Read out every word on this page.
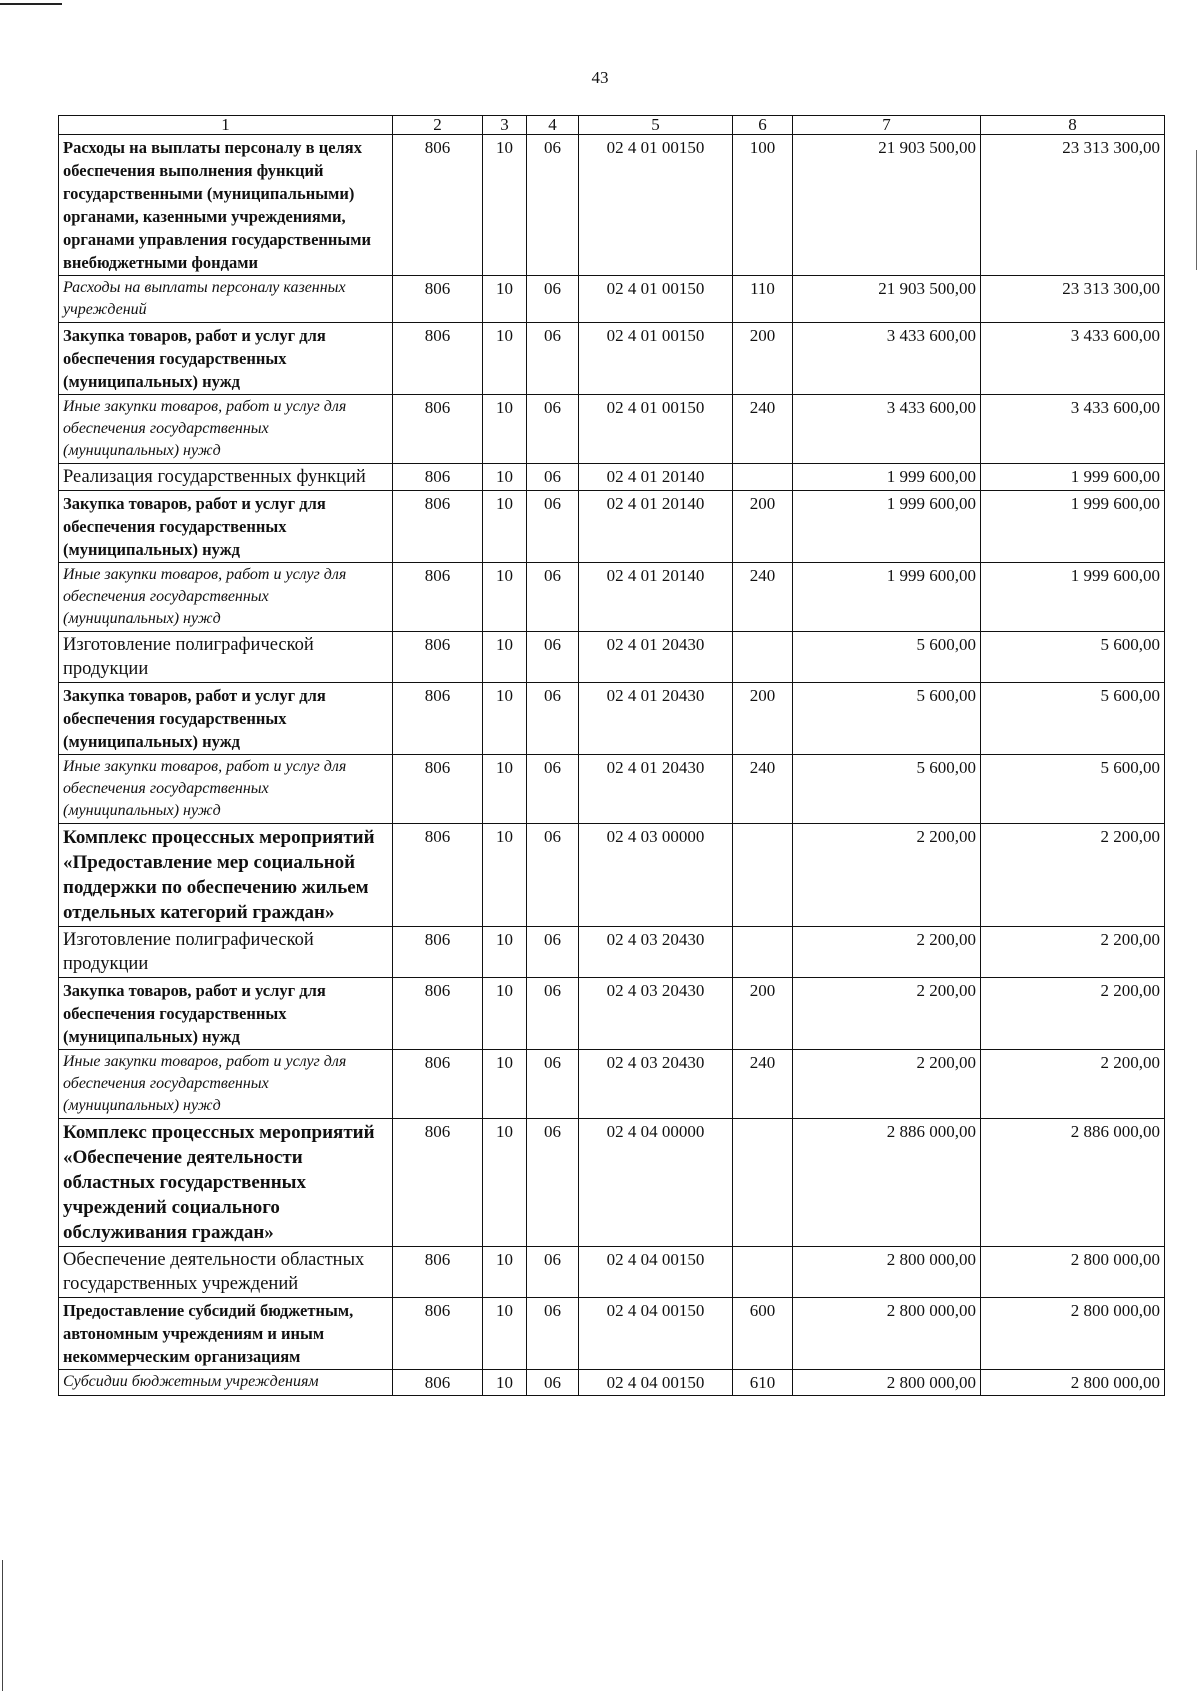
43
1	2	3	4	5	6	7	8
Расходы на выплаты персоналу в целях обеспечения выполнения функций государственными (муниципальными) органами, казенными учреждениями, органами управления государственными внебюджетными фондами	806	10	06	02 4 01 00150	100	21 903 500,00	23 313 300,00
Расходы на выплаты персоналу казенных учреждений	806	10	06	02 4 01 00150	110	21 903 500,00	23 313 300,00
Закупка товаров, работ и услуг для обеспечения государственных (муниципальных) нужд	806	10	06	02 4 01 00150	200	3 433 600,00	3 433 600,00
Иные закупки товаров, работ и услуг для обеспечения государственных (муниципальных) нужд	806	10	06	02 4 01 00150	240	3 433 600,00	3 433 600,00
Реализация государственных функций	806	10	06	02 4 01 20140		1 999 600,00	1 999 600,00
Закупка товаров, работ и услуг для обеспечения государственных (муниципальных) нужд	806	10	06	02 4 01 20140	200	1 999 600,00	1 999 600,00
Иные закупки товаров, работ и услуг для обеспечения государственных (муниципальных) нужд	806	10	06	02 4 01 20140	240	1 999 600,00	1 999 600,00
Изготовление полиграфической продукции	806	10	06	02 4 01 20430		5 600,00	5 600,00
Закупка товаров, работ и услуг для обеспечения государственных (муниципальных) нужд	806	10	06	02 4 01 20430	200	5 600,00	5 600,00
Иные закупки товаров, работ и услуг для обеспечения государственных (муниципальных) нужд	806	10	06	02 4 01 20430	240	5 600,00	5 600,00
Комплекс процессных мероприятий «Предоставление мер социальной поддержки по обеспечению жильем отдельных категорий граждан»	806	10	06	02 4 03 00000		2 200,00	2 200,00
Изготовление полиграфической продукции	806	10	06	02 4 03 20430		2 200,00	2 200,00
Закупка товаров, работ и услуг для обеспечения государственных (муниципальных) нужд	806	10	06	02 4 03 20430	200	2 200,00	2 200,00
Иные закупки товаров, работ и услуг для обеспечения государственных (муниципальных) нужд	806	10	06	02 4 03 20430	240	2 200,00	2 200,00
Комплекс процессных мероприятий «Обеспечение деятельности областных государственных учреждений социального обслуживания граждан»	806	10	06	02 4 04 00000		2 886 000,00	2 886 000,00
Обеспечение деятельности областных государственных учреждений	806	10	06	02 4 04 00150		2 800 000,00	2 800 000,00
Предоставление субсидий бюджетным, автономным учреждениям и иным некоммерческим организациям	806	10	06	02 4 04 00150	600	2 800 000,00	2 800 000,00
Субсидии бюджетным учреждениям	806	10	06	02 4 04 00150	610	2 800 000,00	2 800 000,00
